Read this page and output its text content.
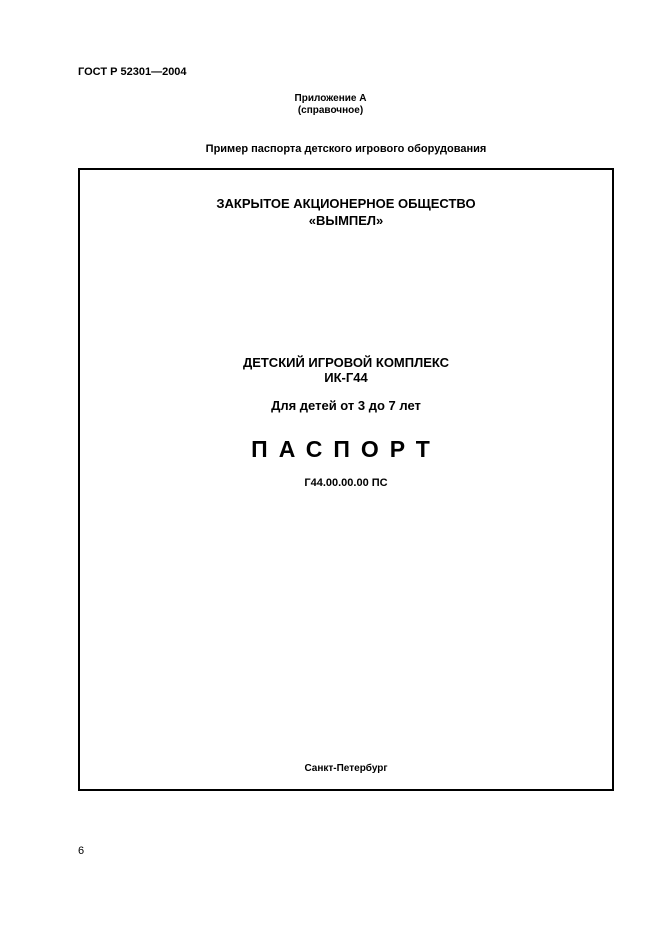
ГОСТ Р 52301—2004
Приложение А
(справочное)
Пример паспорта детского игрового оборудования
ЗАКРЫТОЕ АКЦИОНЕРНОЕ ОБЩЕСТВО
«ВЫМПЕЛ»
ДЕТСКИЙ ИГРОВОЙ КОМПЛЕКС
ИК-Г44
Для детей от 3 до 7 лет
ПАСПОРТ
Г44.00.00.00 ПС
Санкт-Петербург
6
